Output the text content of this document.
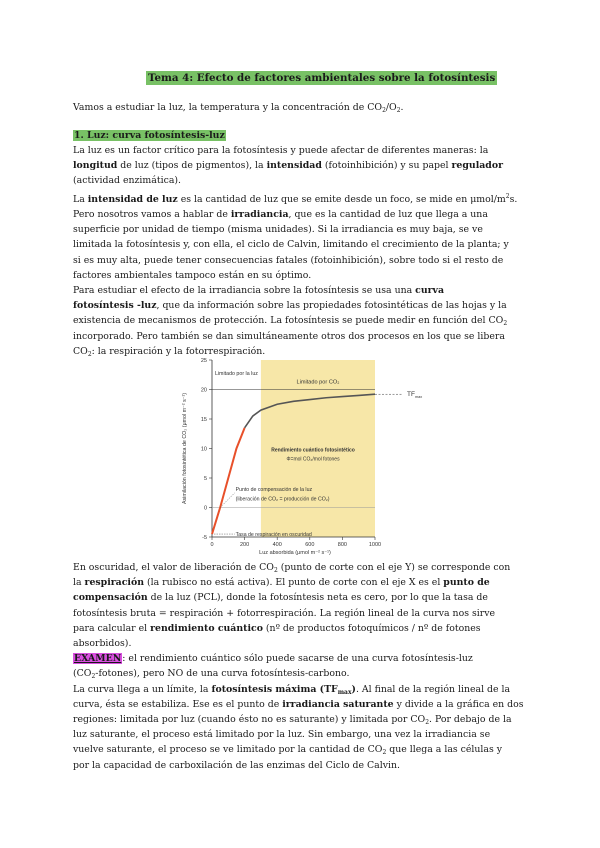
Tema 4: Efecto de factores ambientales sobre la fotosíntesis
Vamos a estudiar la luz, la temperatura y la concentración de $CO_2/O_2$.
1. Luz: curva fotosíntesis-luz
La luz es un factor crítico para la fotosíntesis y puede afectar de diferentes maneras: la
longitud de luz (tipos de pigmentos), la intensidad (fotoinhibición) y su papel regulador
(actividad enzimática).
La intensidad de luz es la cantidad de luz que se emite desde un foco, se mide en μmol/$m^2s$.
Pero nosotros vamos a hablar de irradiancia, que es la cantidad de luz que llega a una
superficie por unidad de tiempo (misma unidades). Si la irradiancia es muy baja, se ve
limitada la fotosíntesis y, con ella, el ciclo de Calvin, limitando el crecimiento de la planta; y
si es muy alta, puede tener consecuencias fatales (fotoinhibición), sobre todo si el resto de
factores ambientales tampoco están en su óptimo.
Para estudiar el efecto de la irradiancia sobre la fotosíntesis se usa una curva
fotosíntesis -luz, que da información sobre las propiedades fotosintéticas de las hojas y la
existencia de mecanismos de protección. La fotosíntesis se puede medir en función del $CO_2$
incorporado. Pero también se dan simultáneamente otros dos procesos en los que se libera
$CO_2$: la respiración y la fotorrespiración.
-5
0
5
10
15
20
25
0	200	400	600	800	1000
Luz absorbida (μmol m⁻² s⁻¹)
Asimilación fotosintética de CO₂ (μmol m⁻² s⁻¹)
Limitado por la luz
Limitado por CO₂
TF max
Rendimiento cuántico fotosintético
Φ=mol CO₂/mol fotones
Punto de compensación de la luz
(liberación de CO₂ = producción de CO₂)
Tasa de respiración en oscuridad
En oscuridad, el valor de liberación de $CO_2$ (punto de corte con el eje Y) se corresponde con
la respiración (la rubisco no está activa). El punto de corte con el eje X es el punto de
compensación de la luz (PCL), donde la fotosíntesis neta es cero, por lo que la tasa de
fotosíntesis bruta = respiración + fotorrespiración. La región lineal de la curva nos sirve
para calcular el rendimiento cuántico (nº de productos fotoquímicos / nº de fotones
absorbidos).
EXAMEN: el rendimiento cuántico sólo puede sacarse de una curva fotosíntesis-luz
$(CO_2-fotones)$, pero NO de una curva fotosíntesis-carbono.
La curva llega a un límite, la fotosíntesis máxima $(TF_{max})$. Al final de la región lineal de la
curva, ésta se estabiliza. Ese es el punto de irradiancia saturante y divide a la gráfica en dos
regiones: limitada por luz (cuando ésto no es saturante) y limitada por $CO_2$. Por debajo de la
luz saturante, el proceso está limitado por la luz. Sin embargo, una vez la irradiancia se
vuelve saturante, el proceso se ve limitado por la cantidad de $CO_2$ que llega a las células y
por la capacidad de carboxilación de las enzimas del Ciclo de Calvin.
